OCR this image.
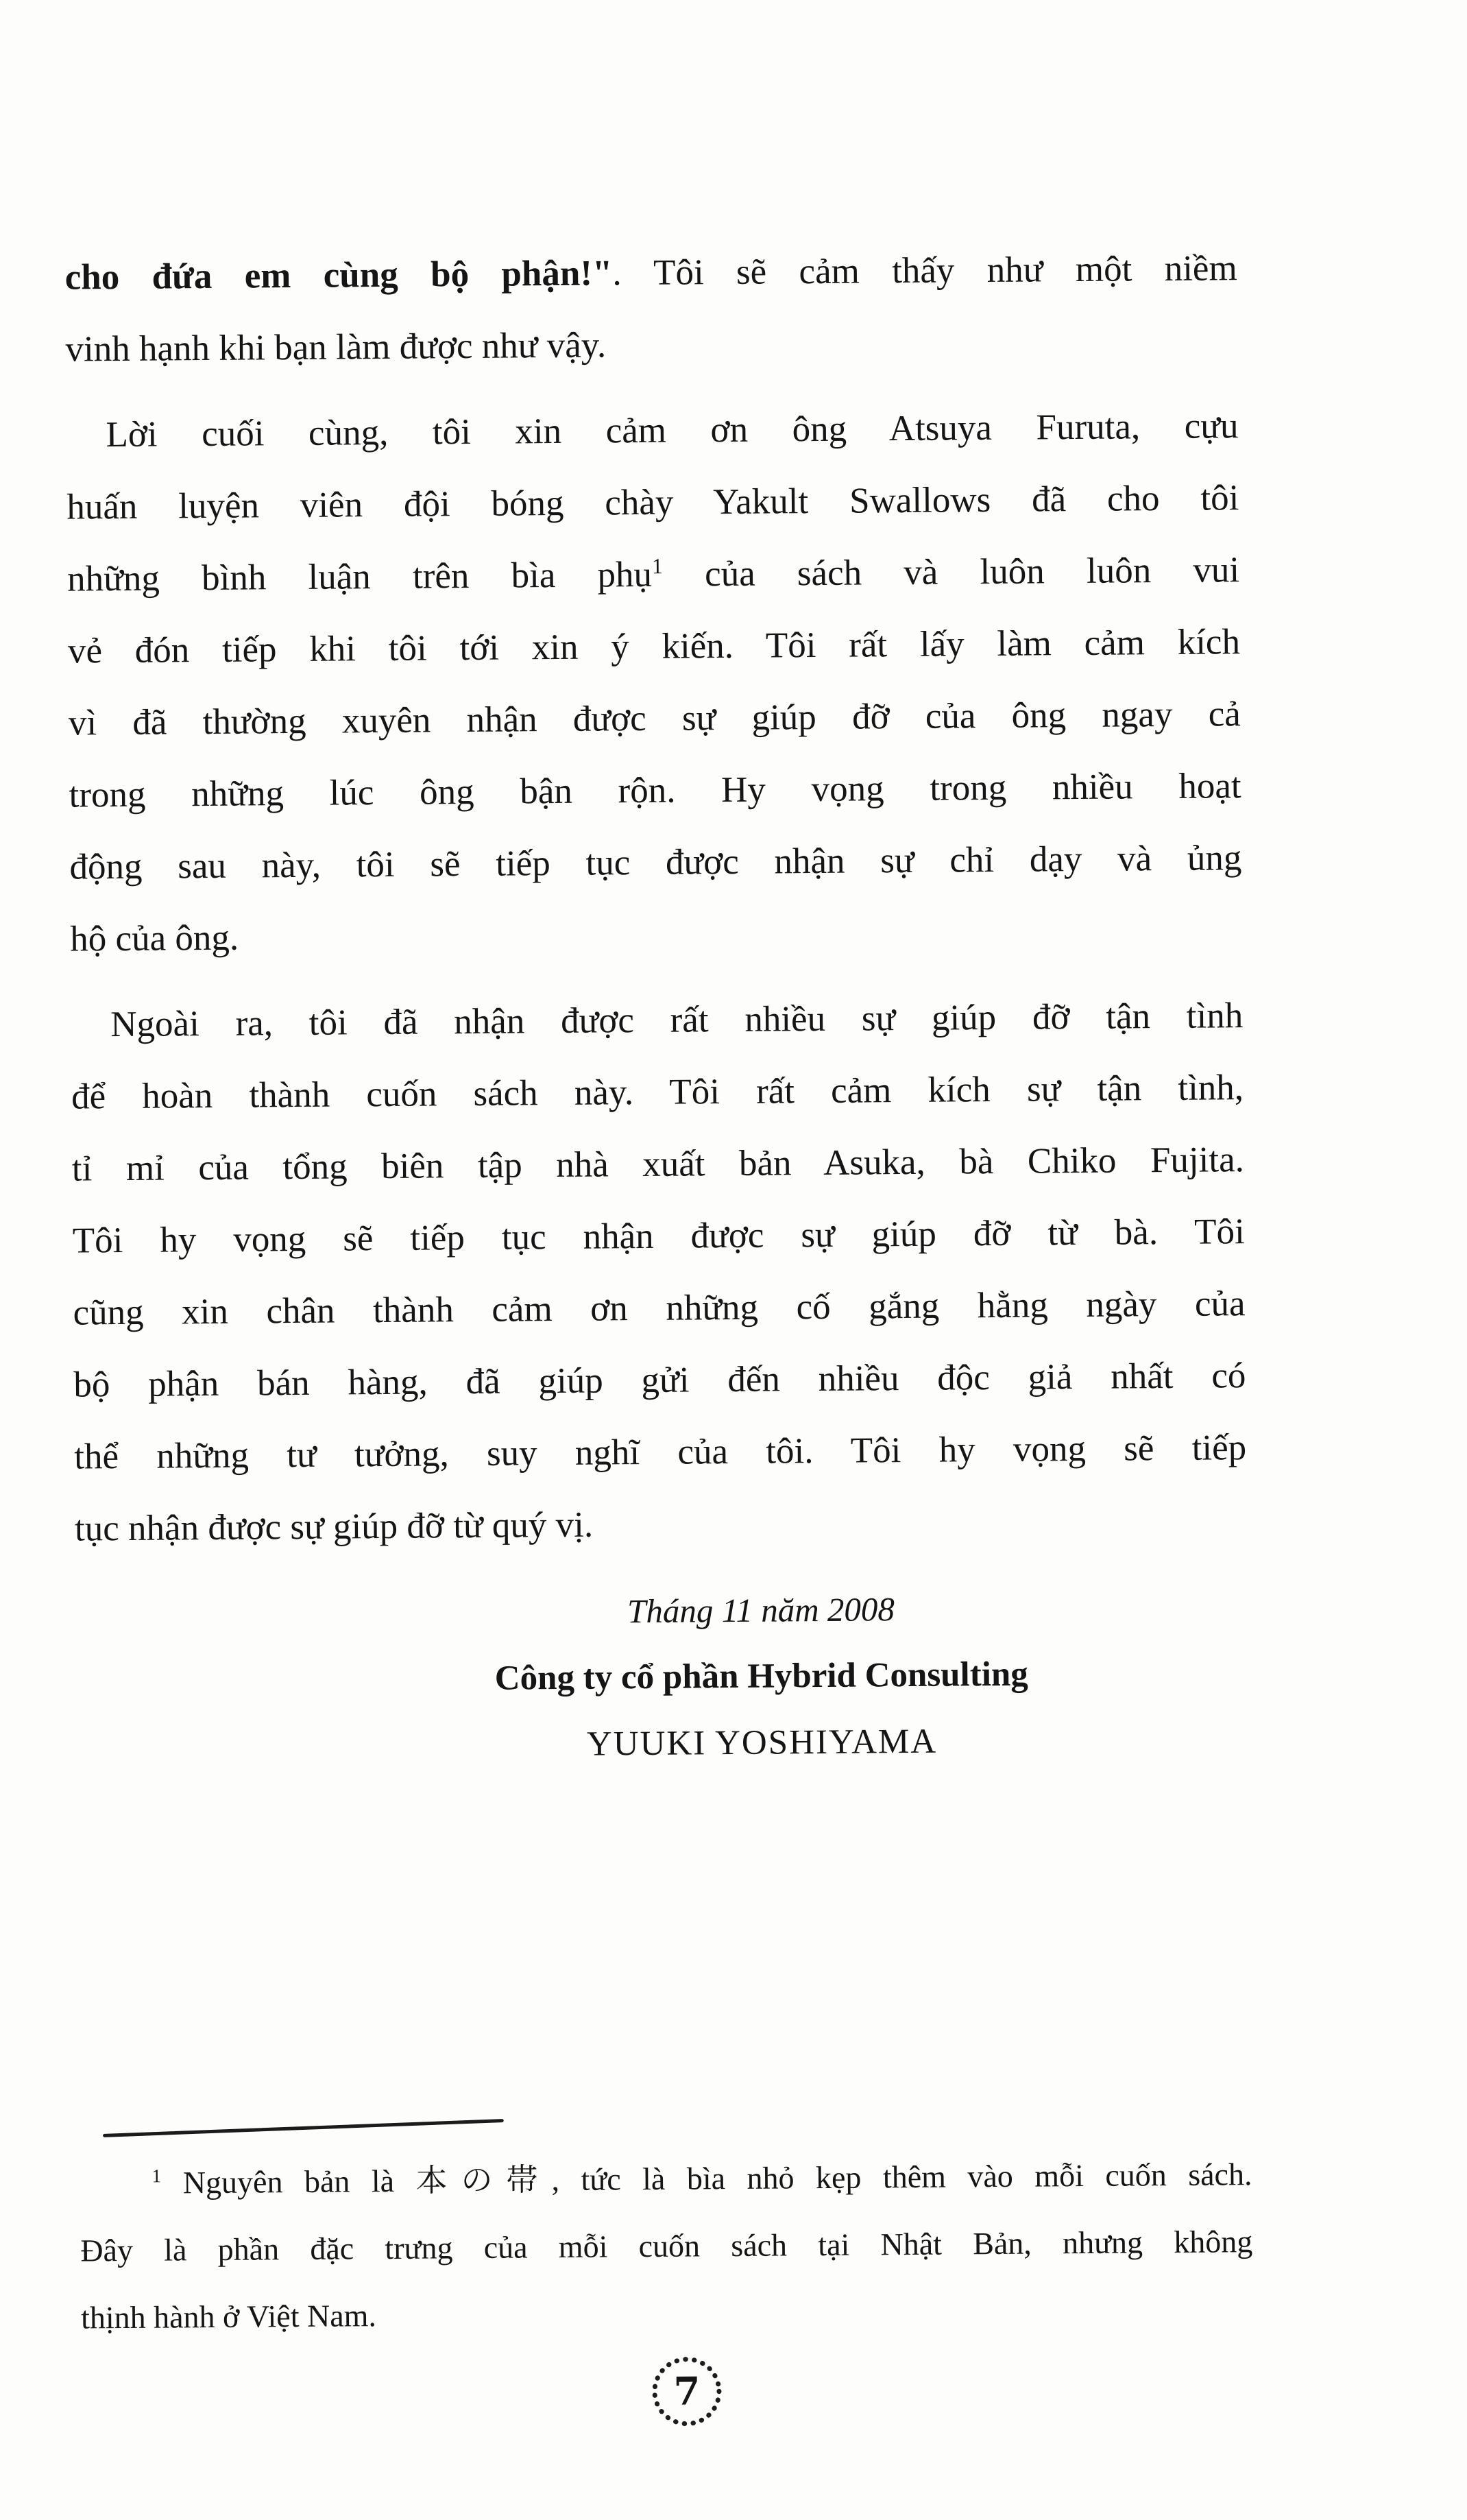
cho đứa em cùng bộ phận!". Tôi sẽ cảm thấy như một niềm
vinh hạnh khi bạn làm được như vậy.
Lời cuối cùng, tôi xin cảm ơn ông Atsuya Furuta, cựu
huấn luyện viên đội bóng chày Yakult Swallows đã cho tôi
những bình luận trên bìa phụ$^1$ của sách và luôn luôn vui
vẻ đón tiếp khi tôi tới xin ý kiến. Tôi rất lấy làm cảm kích
vì đã thường xuyên nhận được sự giúp đỡ của ông ngay cả
trong những lúc ông bận rộn. Hy vọng trong nhiều hoạt
động sau này, tôi sẽ tiếp tục được nhận sự chỉ dạy và ủng
hộ của ông.
Ngoài ra, tôi đã nhận được rất nhiều sự giúp đỡ tận tình
để hoàn thành cuốn sách này. Tôi rất cảm kích sự tận tình,
tỉ mỉ của tổng biên tập nhà xuất bản Asuka, bà Chiko Fujita.
Tôi hy vọng sẽ tiếp tục nhận được sự giúp đỡ từ bà. Tôi
cũng xin chân thành cảm ơn những cố gắng hằng ngày của
bộ phận bán hàng, đã giúp gửi đến nhiều độc giả nhất có
thể những tư tưởng, suy nghĩ của tôi. Tôi hy vọng sẽ tiếp
tục nhận được sự giúp đỡ từ quý vị.
Tháng 11 năm 2008
Công ty cổ phần Hybrid Consulting
YUUKI YOSHIYAMA
$^1$ Nguyên bản là 本の帯, tức là bìa nhỏ kẹp thêm vào mỗi cuốn sách.
Đây là phần đặc trưng của mỗi cuốn sách tại Nhật Bản, nhưng không
thịnh hành ở Việt Nam.
7
